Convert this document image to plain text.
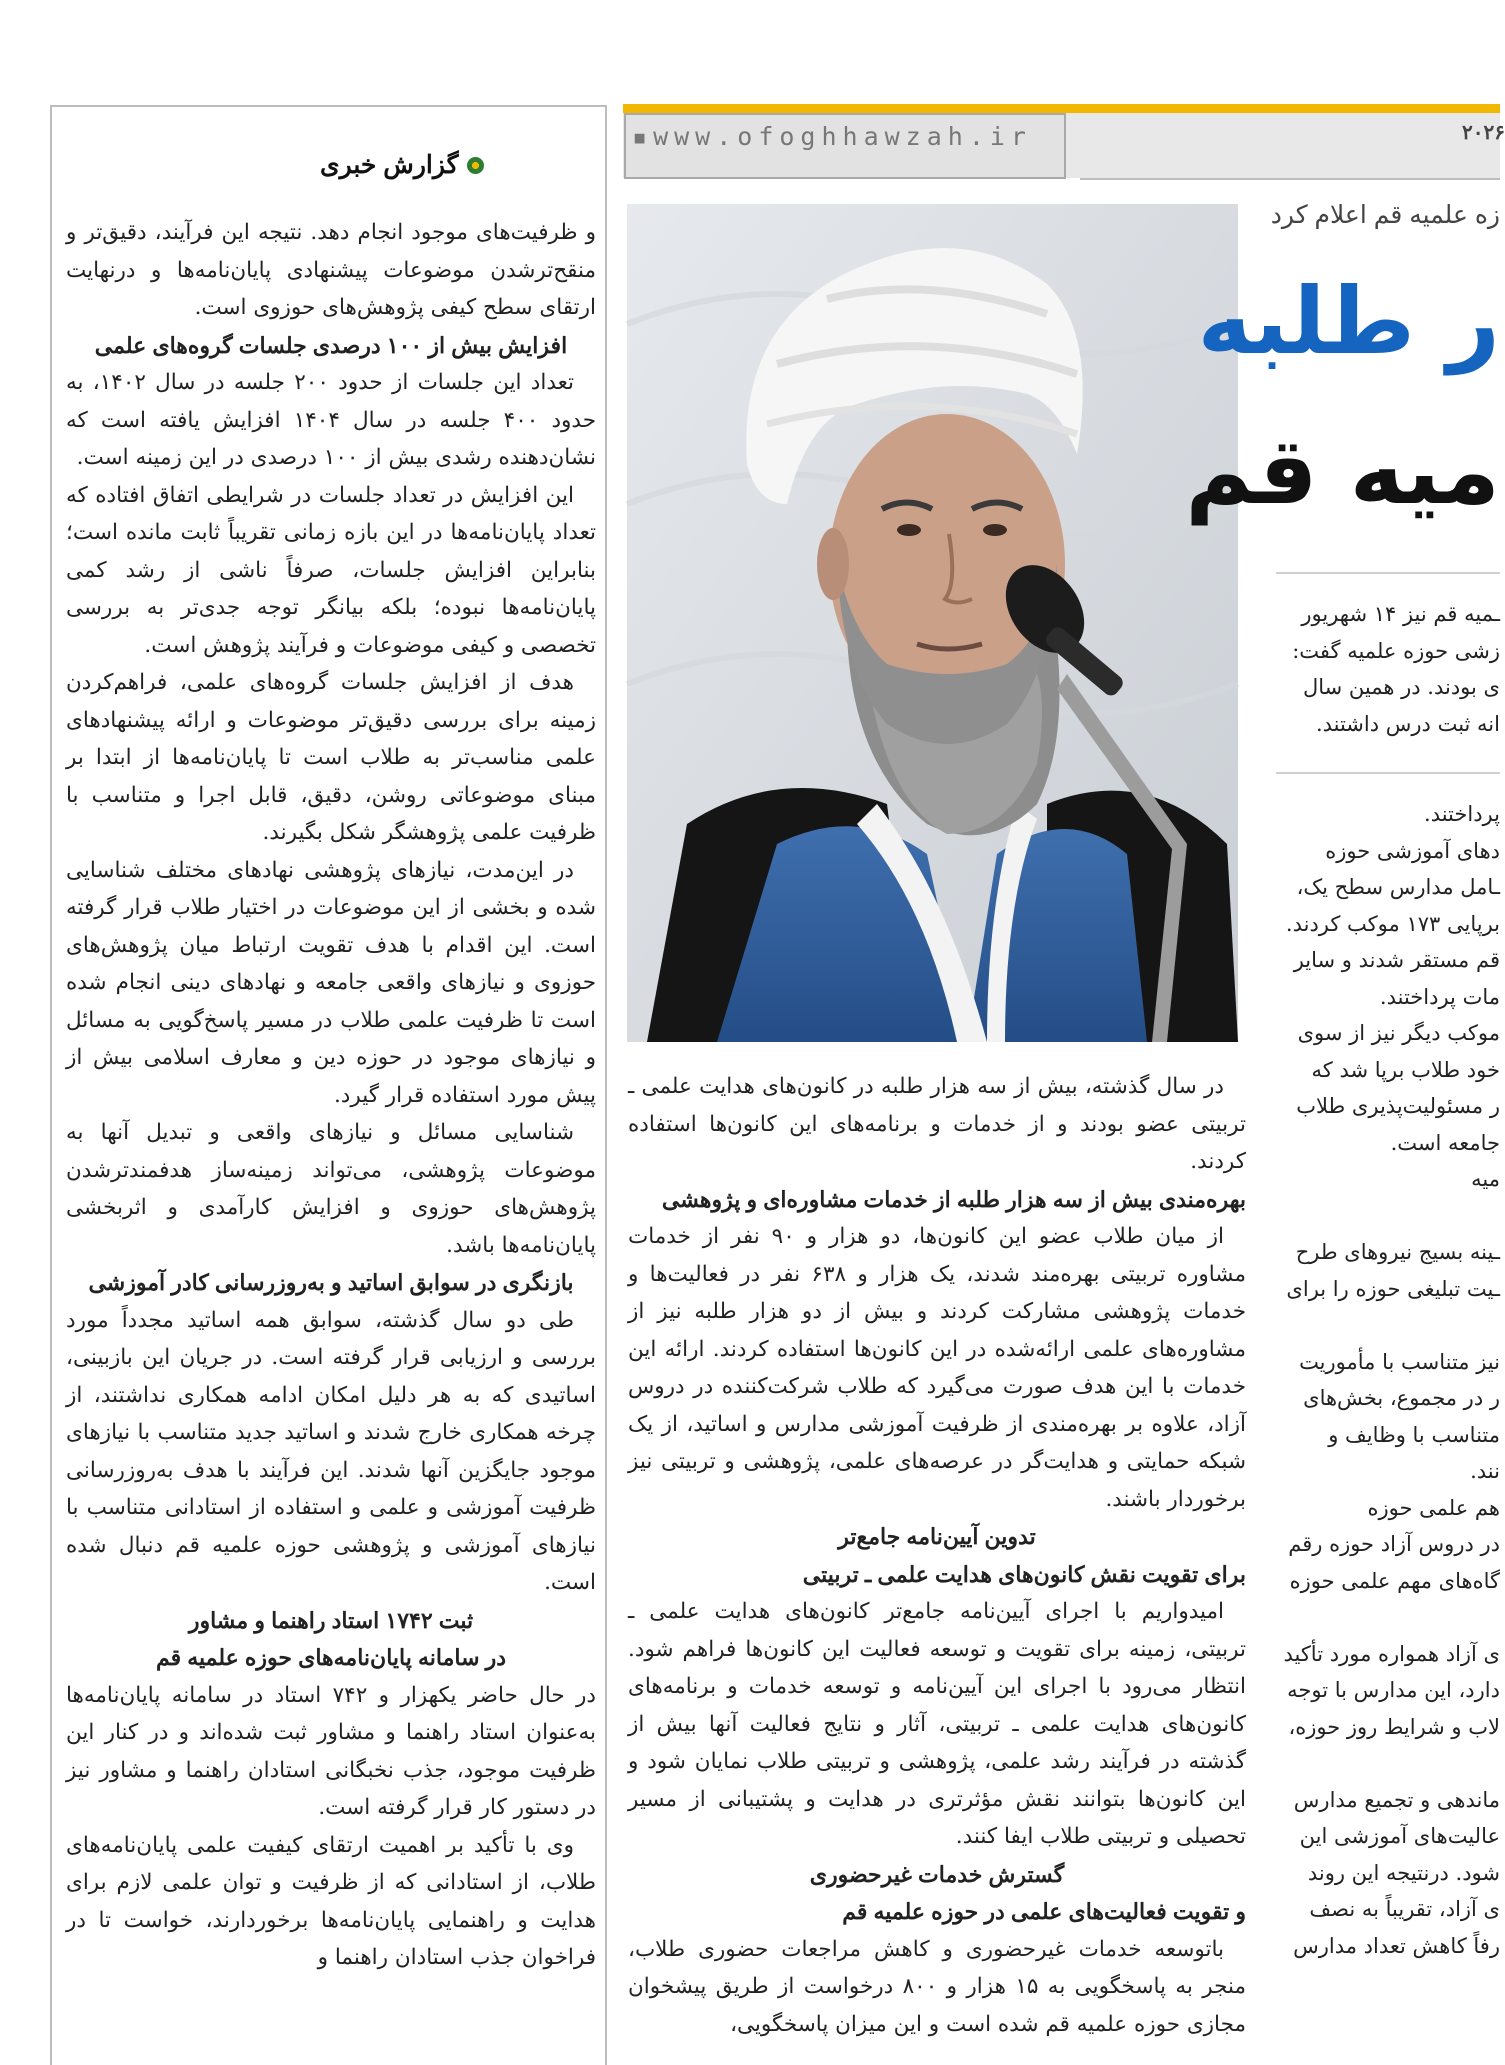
▪www.ofoghhawzah.ir	۲۰۲۶
گزارش خبری

و ظرفیت‌های موجود انجام دهد. نتیجه این فرآیند، دقیق‌تر و منقح‌ترشدن موضوعات پیشنهادی پایان‌نامه‌ها و درنهایت ارتقای سطح کیفی پژوهش‌های حوزوی است.

افزایش بیش از ۱۰۰ درصدی جلسات گروه‌های علمی

تعداد این جلسات از حدود ۲۰۰ جلسه در سال ۱۴۰۲، به حدود ۴۰۰ جلسه در سال ۱۴۰۴ افزایش یافته است که نشان‌دهنده رشدی بیش از ۱۰۰ درصدی در این زمینه است.

این افزایش در تعداد جلسات در شرایطی اتفاق افتاده که تعداد پایان‌نامه‌ها در این بازه زمانی تقریباً ثابت مانده است؛ بنابراین افزایش جلسات، صرفاً ناشی از رشد کمی پایان‌نامه‌ها نبوده؛ بلکه بیانگر توجه جدی‌تر به بررسی تخصصی و کیفی موضوعات و فرآیند پژوهش است.

هدف از افزایش جلسات گروه‌های علمی، فراهم‌کردن زمینه برای بررسی دقیق‌تر موضوعات و ارائه پیشنهادهای علمی مناسب‌تر به طلاب است تا پایان‌نامه‌ها از ابتدا بر مبنای موضوعاتی روشن، دقیق، قابل اجرا و متناسب با ظرفیت علمی پژوهشگر شکل بگیرند.

در این‌مدت، نیازهای پژوهشی نهادهای مختلف شناسایی شده و بخشی از این موضوعات در اختیار طلاب قرار گرفته است. این اقدام با هدف تقویت ارتباط میان پژوهش‌های حوزوی و نیازهای واقعی جامعه و نهادهای دینی انجام شده است تا ظرفیت علمی طلاب در مسیر پاسخ‌گویی به مسائل و نیازهای موجود در حوزه دین و معارف اسلامی بیش از پیش مورد استفاده قرار گیرد.

شناسایی مسائل و نیازهای واقعی و تبدیل آنها به موضوعات پژوهشی، می‌تواند زمینه‌ساز هدفمندترشدن پژوهش‌های حوزوی و افزایش کارآمدی و اثربخشی پایان‌نامه‌ها باشد.

بازنگری در سوابق اساتید و به‌روزرسانی کادر آموزشی

طی دو سال گذشته، سوابق همه اساتید مجدداً مورد بررسی و ارزیابی قرار گرفته است. در جریان این بازبینی، اساتیدی که به هر دلیل امکان ادامه همکاری نداشتند، از چرخه همکاری خارج شدند و اساتید جدید متناسب با نیازهای موجود جایگزین آنها شدند. این فرآیند با هدف به‌روزرسانی ظرفیت آموزشی و علمی و استفاده از استادانی متناسب با نیازهای آموزشی و پژوهشی حوزه علمیه قم دنبال شده است.

ثبت ۱۷۴۲ استاد راهنما و مشاور

در سامانه پایان‌نامه‌های حوزه علمیه قم

در حال حاضر یکهزار و ۷۴۲ استاد در سامانه پایان‌نامه‌ها به‌عنوان استاد راهنما و مشاور ثبت شده‌اند و در کنار این ظرفیت موجود، جذب نخبگانی استادان راهنما و مشاور نیز در دستور کار قرار گرفته است.

وی با تأکید بر اهمیت ارتقای کیفیت علمی پایان‌نامه‌های طلاب، از استادانی که از ظرفیت و توان علمی لازم برای هدایت و راهنمایی پایان‌نامه‌ها برخوردارند، خواست تا در فراخوان جذب استادان راهنما و

در سال گذشته، بیش از سه هزار طلبه در کانون‌های هدایت علمی ـ تربیتی عضو بودند و از خدمات و برنامه‌های این کانون‌ها استفاده کردند.

بهره‌مندی بیش از سه هزار طلبه از خدمات مشاوره‌ای و پژوهشی

از میان طلاب عضو این کانون‌ها، دو هزار و ۹۰ نفر از خدمات مشاوره تربیتی بهره‌مند شدند، یک هزار و ۶۳۸ نفر در فعالیت‌ها و خدمات پژوهشی مشارکت کردند و بیش از دو هزار طلبه نیز از مشاوره‌های علمی ارائه‌شده در این کانون‌ها استفاده کردند. ارائه این خدمات با این هدف صورت می‌گیرد که طلاب شرکت‌کننده در دروس آزاد، علاوه بر بهره‌مندی از ظرفیت آموزشی مدارس و اساتید، از یک شبکه حمایتی و هدایت‌گر در عرصه‌های علمی، پژوهشی و تربیتی نیز برخوردار باشند.

تدوین آیین‌نامه جامع‌تر

برای تقویت نقش کانون‌های هدایت علمی ـ تربیتی

امیدواریم با اجرای آیین‌نامه جامع‌تر کانون‌های هدایت علمی ـ تربیتی، زمینه برای تقویت و توسعه فعالیت این کانون‌ها فراهم شود. انتظار می‌رود با اجرای این آیین‌نامه و توسعه خدمات و برنامه‌های کانون‌های هدایت علمی ـ تربیتی، آثار و نتایج فعالیت آنها بیش از گذشته در فرآیند رشد علمی، پژوهشی و تربیتی طلاب نمایان شود و این کانون‌ها بتوانند نقش مؤثرتری در هدایت و پشتیبانی از مسیر تحصیلی و تربیتی طلاب ایفا کنند.

گسترش خدمات غیرحضوری

و تقویت فعالیت‌های علمی در حوزه علمیه قم

باتوسعه خدمات غیرحضوری و کاهش مراجعات حضوری طلاب، منجر به پاسخگویی به ۱۵ هزار و ۸۰۰ درخواست از طریق پیشخوان مجازی حوزه علمیه قم شده است و این میزان پاسخگویی،

زه علمیه قم اعلام کرد
ر طلبه
میه قم
ـمیه قم نیز ۱۴ شهریور
زشی حوزه علمیه گفت:
ی بودند. در همین سال
انه ثبت درس داشتند.
پرداختند.
دهای آموزشی حوزه
ـامل مدارس سطح یک،
برپایی ۱۷۳ موکب کردند.
قم مستقر شدند و سایر
مات پرداختند.
موکب دیگر نیز از سوی
خود طلاب برپا شد که
ر مسئولیت‌پذیری طلاب
جامعه است.
میه
ـینه بسیج نیروهای طرح
ـیت تبلیغی حوزه را برای
نیز متناسب با مأموریت
ر در مجموع، بخش‌های
متناسب با وظایف و
نند.
هم علمی حوزه
در دروس آزاد حوزه رقم
گاه‌های مهم علمی حوزه
ی آزاد همواره مورد تأکید
دارد، این مدارس با توجه
لاب و شرایط روز حوزه،
ماندهی و تجمیع مدارس
عالیت‌های آموزشی این
شود. درنتیجه این روند
ی آزاد، تقریباً به نصف
رفاً کاهش تعداد مدارس
